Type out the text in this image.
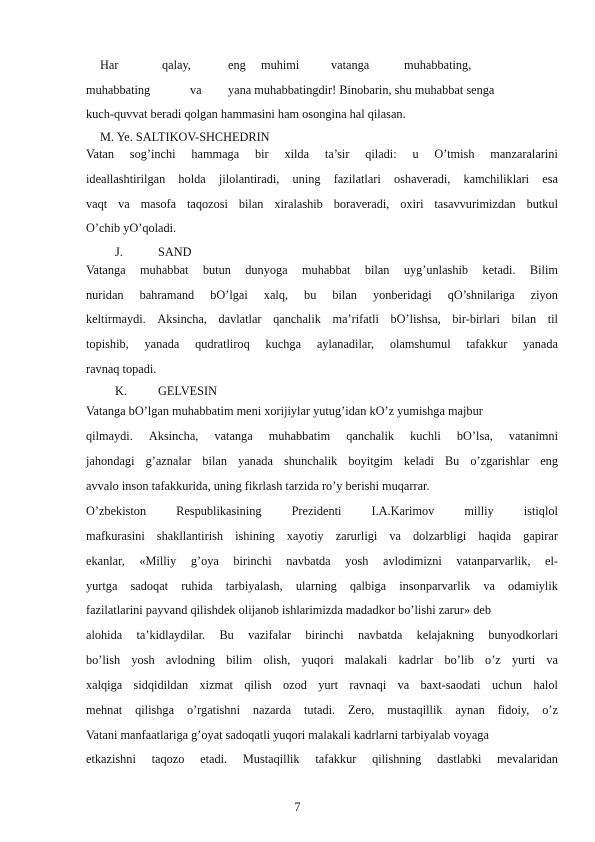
Har	qalay,	eng muhimi	vatanga	muhabbating,
muhabbating	va yana muhabbatingdir! Binobarin, shu muhabbat senga
kuch-quvvat beradi qolgan hammasini ham osongina hal qilasan.
M. Ye. SALTIKOV-SHCHEDRIN
Vatan sog’inchi hammaga bir xilda ta’sir qiladi: u O’tmish manzaralarini
ideallashtirilgan holda jilolantiradi, uning fazilatlari oshaveradi, kamchiliklari esa
vaqt va masofa taqozosi bilan xiralashib boraveradi, oxiri tasavvurimizdan butkul
O’chib yO’qoladi.
J.	SAND
Vatanga muhabbat butun dunyoga muhabbat bilan uyg’unlashib ketadi. Bilim
nuridan bahramand bO’lgai xalq, bu bilan yonberidagi qO’shnilariga ziyon
keltirmaydi. Aksincha, davlatlar qanchalik ma’rifatli bO’lishsa, bir-birlari bilan til
topishib, yanada qudratliroq kuchga aylanadilar, olamshumul tafakkur yanada
ravnaq topadi.
K.	GELVESIN
Vatanga bO’lgan muhabbatim meni xorijiylar yutug’idan kO’z yumishga majbur
qilmaydi. Aksincha, vatanga muhabbatim qanchalik kuchli bO’lsa, vatanimni
jahondagi g’aznalar bilan yanada shunchalik boyitgim keladi Bu o’zgarishlar eng
avvalo inson tafakkurida, uning fikrlash tarzida ro’y berishi muqarrar.
O’zbekiston Respublikasining Prezidenti I.A.Karimov milliy istiqlol
mafkurasini shakllantirish ishining xayotiy zarurligi va dolzarbligi haqida gapirar
ekanlar, «Milliy g’oya birinchi navbatda yosh avlodimizni vatanparvarlik, el-
yurtga sadoqat ruhida tarbiyalash, ularning qalbiga insonparvarlik va odamiylik
fazilatlarini payvand qilishdek olijanob ishlarimizda madadkor bo’lishi zarur» deb
alohida ta’kidlaydilar. Bu vazifalar birinchi navbatda kelajakning bunyodkorlari
bo’lish yosh avlodning bilim olish, yuqori malakali kadrlar bo’lib o’z yurti va
xalqiga sidqidildan xizmat qilish ozod yurt ravnaqi va baxt-saodati uchun halol
mehnat qilishga o’rgatishni nazarda tutadi. Zero, mustaqillik aynan fidoiy, o’z
Vatani manfaatlariga g’oyat sadoqatli yuqori malakali kadrlarni tarbiyalab voyaga
etkazishni taqozo etadi. Mustaqillik tafakkur qilishning dastlabki mevalaridan
7
